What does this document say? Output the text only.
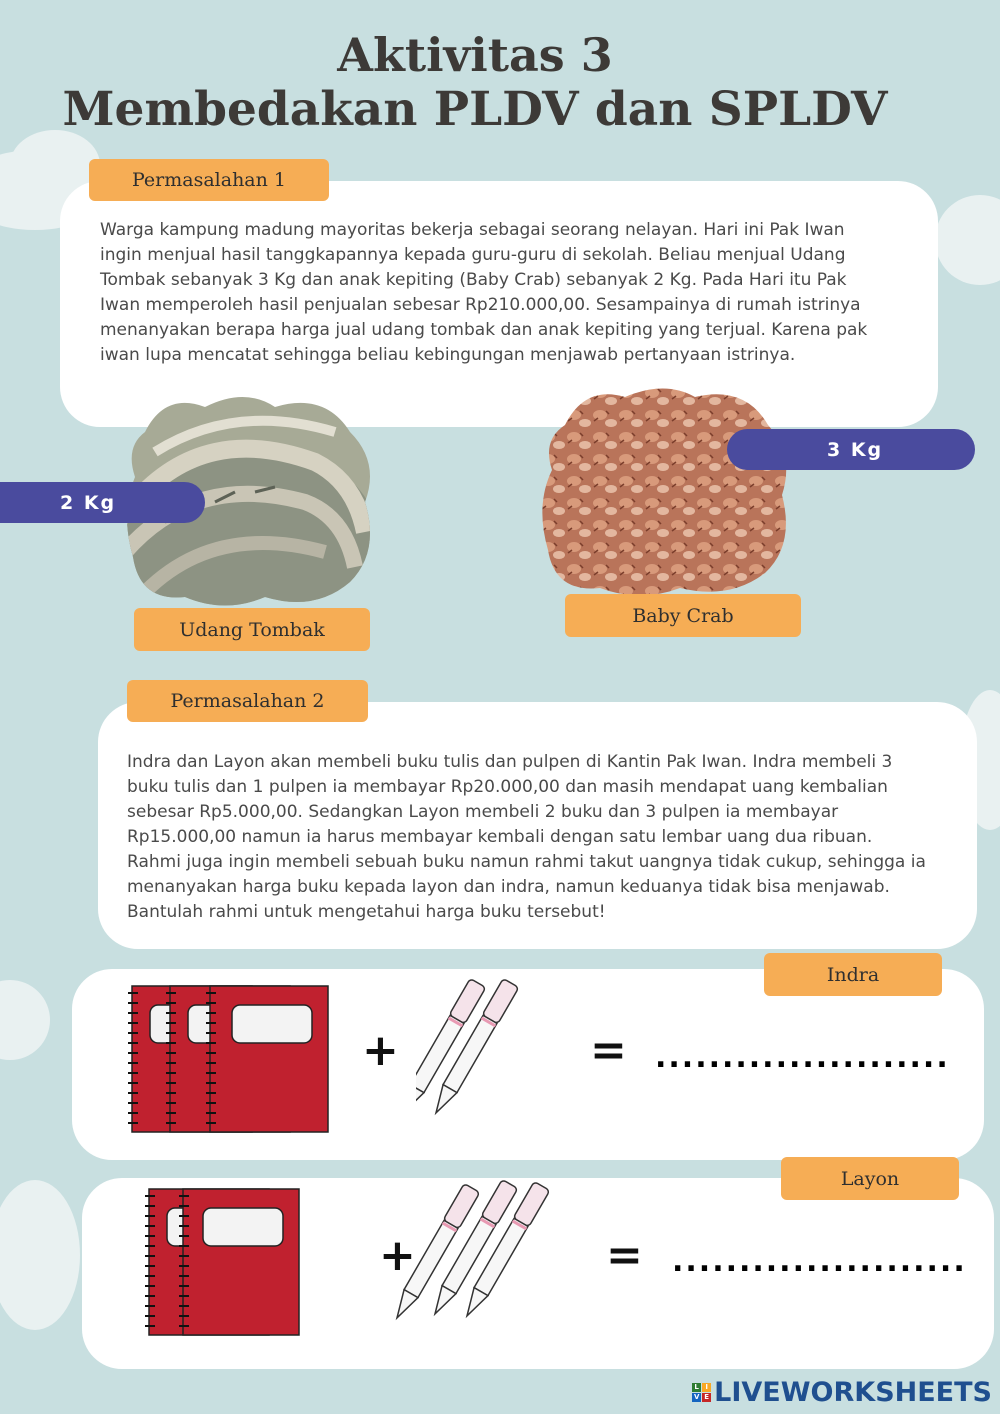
Aktivitas 3
Membedakan PLDV dan SPLDV
Permasalahan 1
Warga kampung madung mayoritas bekerja sebagai seorang nelayan. Hari ini Pak Iwan ingin menjual hasil tanggkapannya kepada guru-guru di sekolah. Beliau menjual Udang Tombak sebanyak 3 Kg dan anak kepiting (Baby Crab) sebanyak 2 Kg. Pada Hari itu Pak Iwan memperoleh hasil penjualan sebesar Rp210.000,00. Sesampainya di rumah istrinya menanyakan berapa harga jual udang tombak dan anak kepiting yang terjual. Karena pak iwan lupa mencatat sehingga beliau kebingungan menjawab pertanyaan istrinya.
2 Kg
3 Kg
Udang Tombak
Baby Crab
Permasalahan 2
Indra dan Layon akan membeli buku tulis dan pulpen di Kantin Pak Iwan. Indra membeli 3 buku tulis dan 1 pulpen ia membayar Rp20.000,00 dan masih mendapat uang kembalian sebesar Rp5.000,00. Sedangkan Layon membeli 2 buku dan 3 pulpen ia membayar Rp15.000,00 namun ia harus membayar kembali dengan satu lembar uang dua ribuan. Rahmi juga ingin membeli sebuah buku namun rahmi takut uangnya tidak cukup, sehingga ia menanyakan harga buku kepada layon dan indra, namun keduanya tidak bisa menjawab. Bantulah rahmi untuk mengetahui harga buku tersebut!
Indra
+	= ......................
Layon
+	= ......................
L I
V E LIVEWORKSHEETS
